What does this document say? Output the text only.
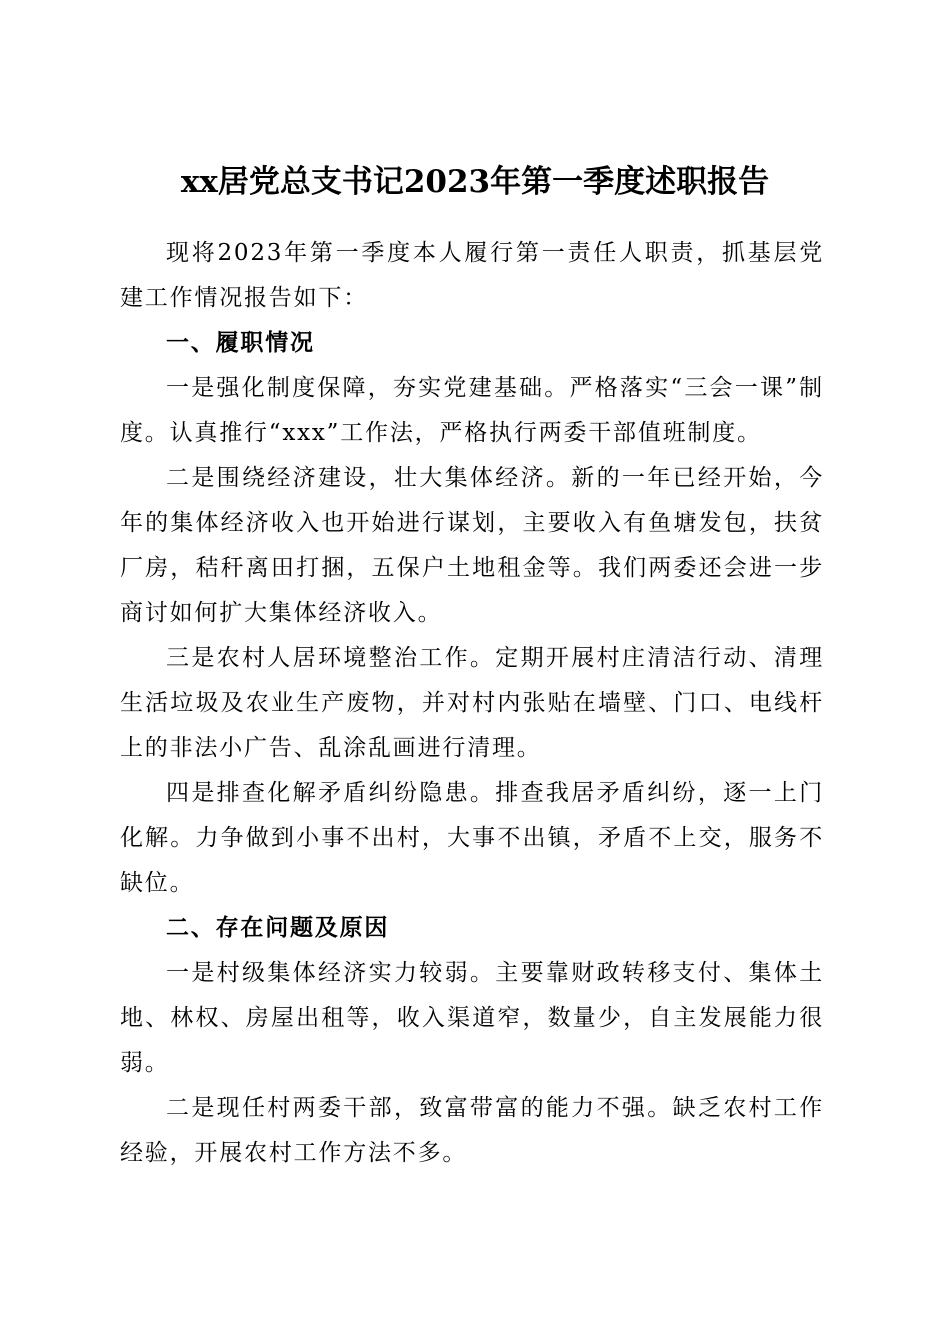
xx居党总支书记2023年第一季度述职报告

现将2023年第一季度本人履行第一责任人职责，抓基层党建工作情况报告如下：

一、履职情况

一是强化制度保障，夯实党建基础。严格落实“三会一课”制度。认真推行“xxx”工作法，严格执行两委干部值班制度。

二是围绕经济建设，壮大集体经济。新的一年已经开始，今年的集体经济收入也开始进行谋划，主要收入有鱼塘发包，扶贫厂房，秸秆离田打捆，五保户土地租金等。我们两委还会进一步商讨如何扩大集体经济收入。

三是农村人居环境整治工作。定期开展村庄清洁行动、清理生活垃圾及农业生产废物，并对村内张贴在墙壁、门口、电线杆上的非法小广告、乱涂乱画进行清理。

四是排查化解矛盾纠纷隐患。排查我居矛盾纠纷，逐一上门化解。力争做到小事不出村，大事不出镇，矛盾不上交，服务不缺位。

二、存在问题及原因

一是村级集体经济实力较弱。主要靠财政转移支付、集体土地、林权、房屋出租等，收入渠道窄，数量少，自主发展能力很弱。

二是现任村两委干部，致富带富的能力不强。缺乏农村工作经验，开展农村工作方法不多。
